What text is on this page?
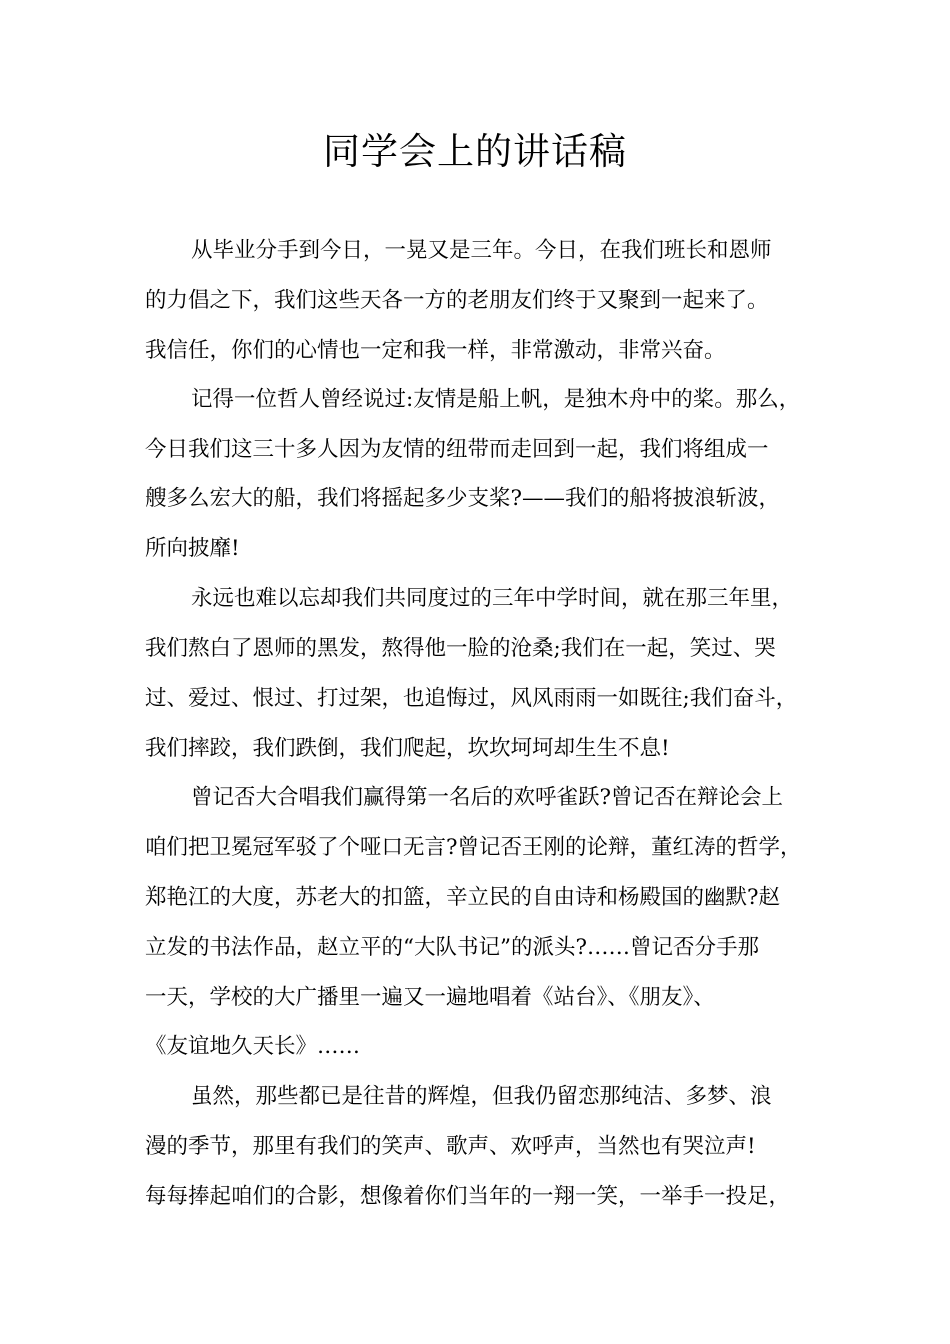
同学会上的讲话稿
从毕业分手到今日，一晃又是三年。今日，在我们班长和恩师
的力倡之下，我们这些天各一方的老朋友们终于又聚到一起来了。
我信任，你们的心情也一定和我一样，非常激动，非常兴奋。
记得一位哲人曾经说过:友情是船上帆，是独木舟中的桨。那么，
今日我们这三十多人因为友情的纽带而走回到一起，我们将组成一
艘多么宏大的船，我们将摇起多少支桨?——我们的船将披浪斩波，
所向披靡!
永远也难以忘却我们共同度过的三年中学时间，就在那三年里，
我们熬白了恩师的黑发，熬得他一脸的沧桑;我们在一起，笑过、哭
过、爱过、恨过、打过架，也追悔过，风风雨雨一如既往;我们奋斗，
我们摔跤，我们跌倒，我们爬起，坎坎坷坷却生生不息!
曾记否大合唱我们赢得第一名后的欢呼雀跃?曾记否在辩论会上
咱们把卫冕冠军驳了个哑口无言?曾记否王刚的论辩，董红涛的哲学，
郑艳江的大度，苏老大的扣篮，辛立民的自由诗和杨殿国的幽默?赵
立发的书法作品，赵立平的“大队书记”的派头?……曾记否分手那
一天，学校的大广播里一遍又一遍地唱着《站台》、《朋友》、
《友谊地久天长》……
虽然，那些都已是往昔的辉煌，但我仍留恋那纯洁、多梦、浪
漫的季节，那里有我们的笑声、歌声、欢呼声，当然也有哭泣声!
每每捧起咱们的合影，想像着你们当年的一翔一笑，一举手一投足，
